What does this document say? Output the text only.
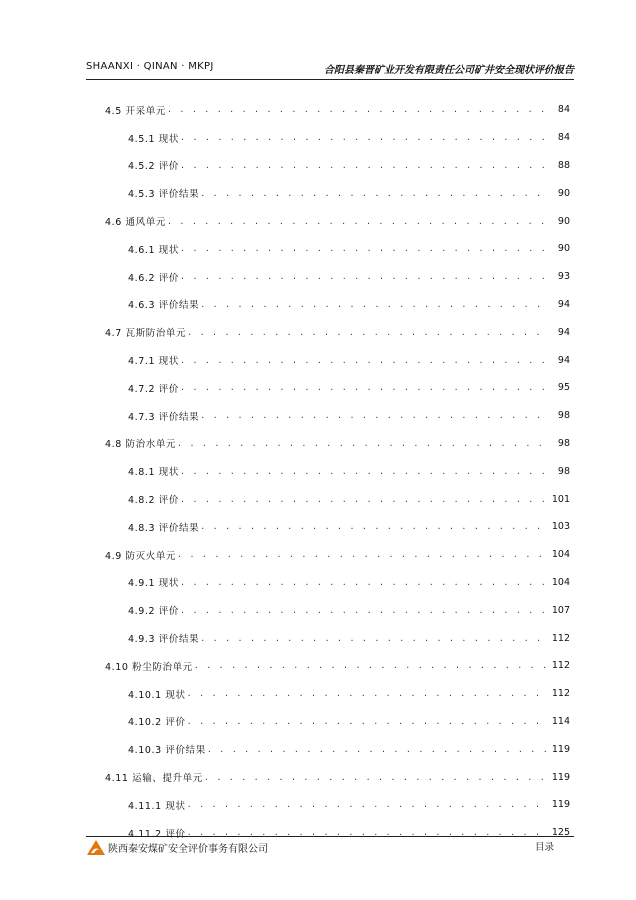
SHAANXI · QINAN · MKPJ	合阳县秦晋矿业开发有限责任公司矿井安全现状评价报告
4.5 开采单元 . . .	84
4.5.1 现状 . . .	84
4.5.2 评价 . . .	88
4.5.3 评价结果 . . .	90
4.6 通风单元 . . .	90
4.6.1 现状 . . .	90
4.6.2 评价 . . .	93
4.6.3 评价结果 . . .	94
4.7 瓦斯防治单元 . . .	94
4.7.1 现状 . . .	94
4.7.2 评价 . . .	95
4.7.3 评价结果 . . .	98
4.8 防治水单元 . . .	98
4.8.1 现状 . . .	98
4.8.2 评价 . . .	101
4.8.3 评价结果 . . .	103
4.9 防灭火单元 . . .	104
4.9.1 现状 . . .	104
4.9.2 评价 . . .	107
4.9.3 评价结果 . . .	112
4.10 粉尘防治单元 . . .	112
4.10.1 现状 . . .	112
4.10.2 评价 . . .	114
4.10.3 评价结果 . . .	119
4.11 运输、提升单元 . . .	119
4.11.1 现状 . . .	119
4.11.2 评价 . . .	125
陕西秦安煤矿安全评价事务有限公司	目录
